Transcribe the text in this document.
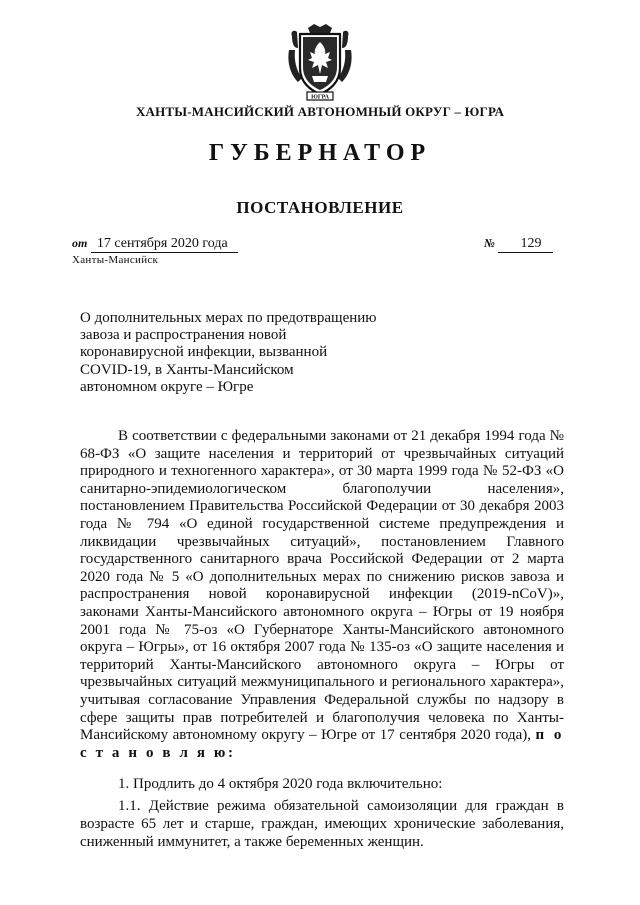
ЮГРА
ХАНТЫ-МАНСИЙСКИЙ АВТОНОМНЫЙ ОКРУГ – ЮГРА
ГУБЕРНАТОР
ПОСТАНОВЛЕНИЕ
от 17 сентября 2020 года	№ 129
Ханты-Мансийск
О дополнительных мерах по предотвращению
завоза и распространения новой
коронавирусной инфекции, вызванной
COVID-19, в Ханты-Мансийском
автономном округе – Югре

В соответствии с федеральными законами от 21 декабря 1994 года № 68-ФЗ «О защите населения и территорий от чрезвычайных ситуаций природного и техногенного характера», от 30 марта 1999 года № 52-ФЗ «О санитарно-эпидемиологическом благополучии населения», постановлением Правительства Российской Федерации от 30 декабря 2003 года № 794 «О единой государственной системе предупреждения и ликвидации чрезвычайных ситуаций», постановлением Главного государственного санитарного врача Российской Федерации от 2 марта 2020 года № 5 «О дополнительных мерах по снижению рисков завоза и распространения новой коронавирусной инфекции (2019-nCoV)», законами Ханты-Мансийского автономного округа – Югры от 19 ноября 2001 года № 75-оз «О Губернаторе Ханты-Мансийского автономного округа – Югры», от 16 октября 2007 года № 135-оз «О защите населения и территорий Ханты-Мансийского автономного округа – Югры от чрезвычайных ситуаций межмуниципального и регионального характера», учитывая согласование Управления Федеральной службы по надзору в сфере защиты прав потребителей и благополучия человека по Ханты-Мансийскому автономному округу – Югре от 17 сентября 2020 года), п о с т а н о в л я ю:

1. Продлить до 4 октября 2020 года включительно:
1.1. Действие режима обязательной самоизоляции для граждан в возрасте 65 лет и старше, граждан, имеющих хронические заболевания, сниженный иммунитет, а также беременных женщин.
